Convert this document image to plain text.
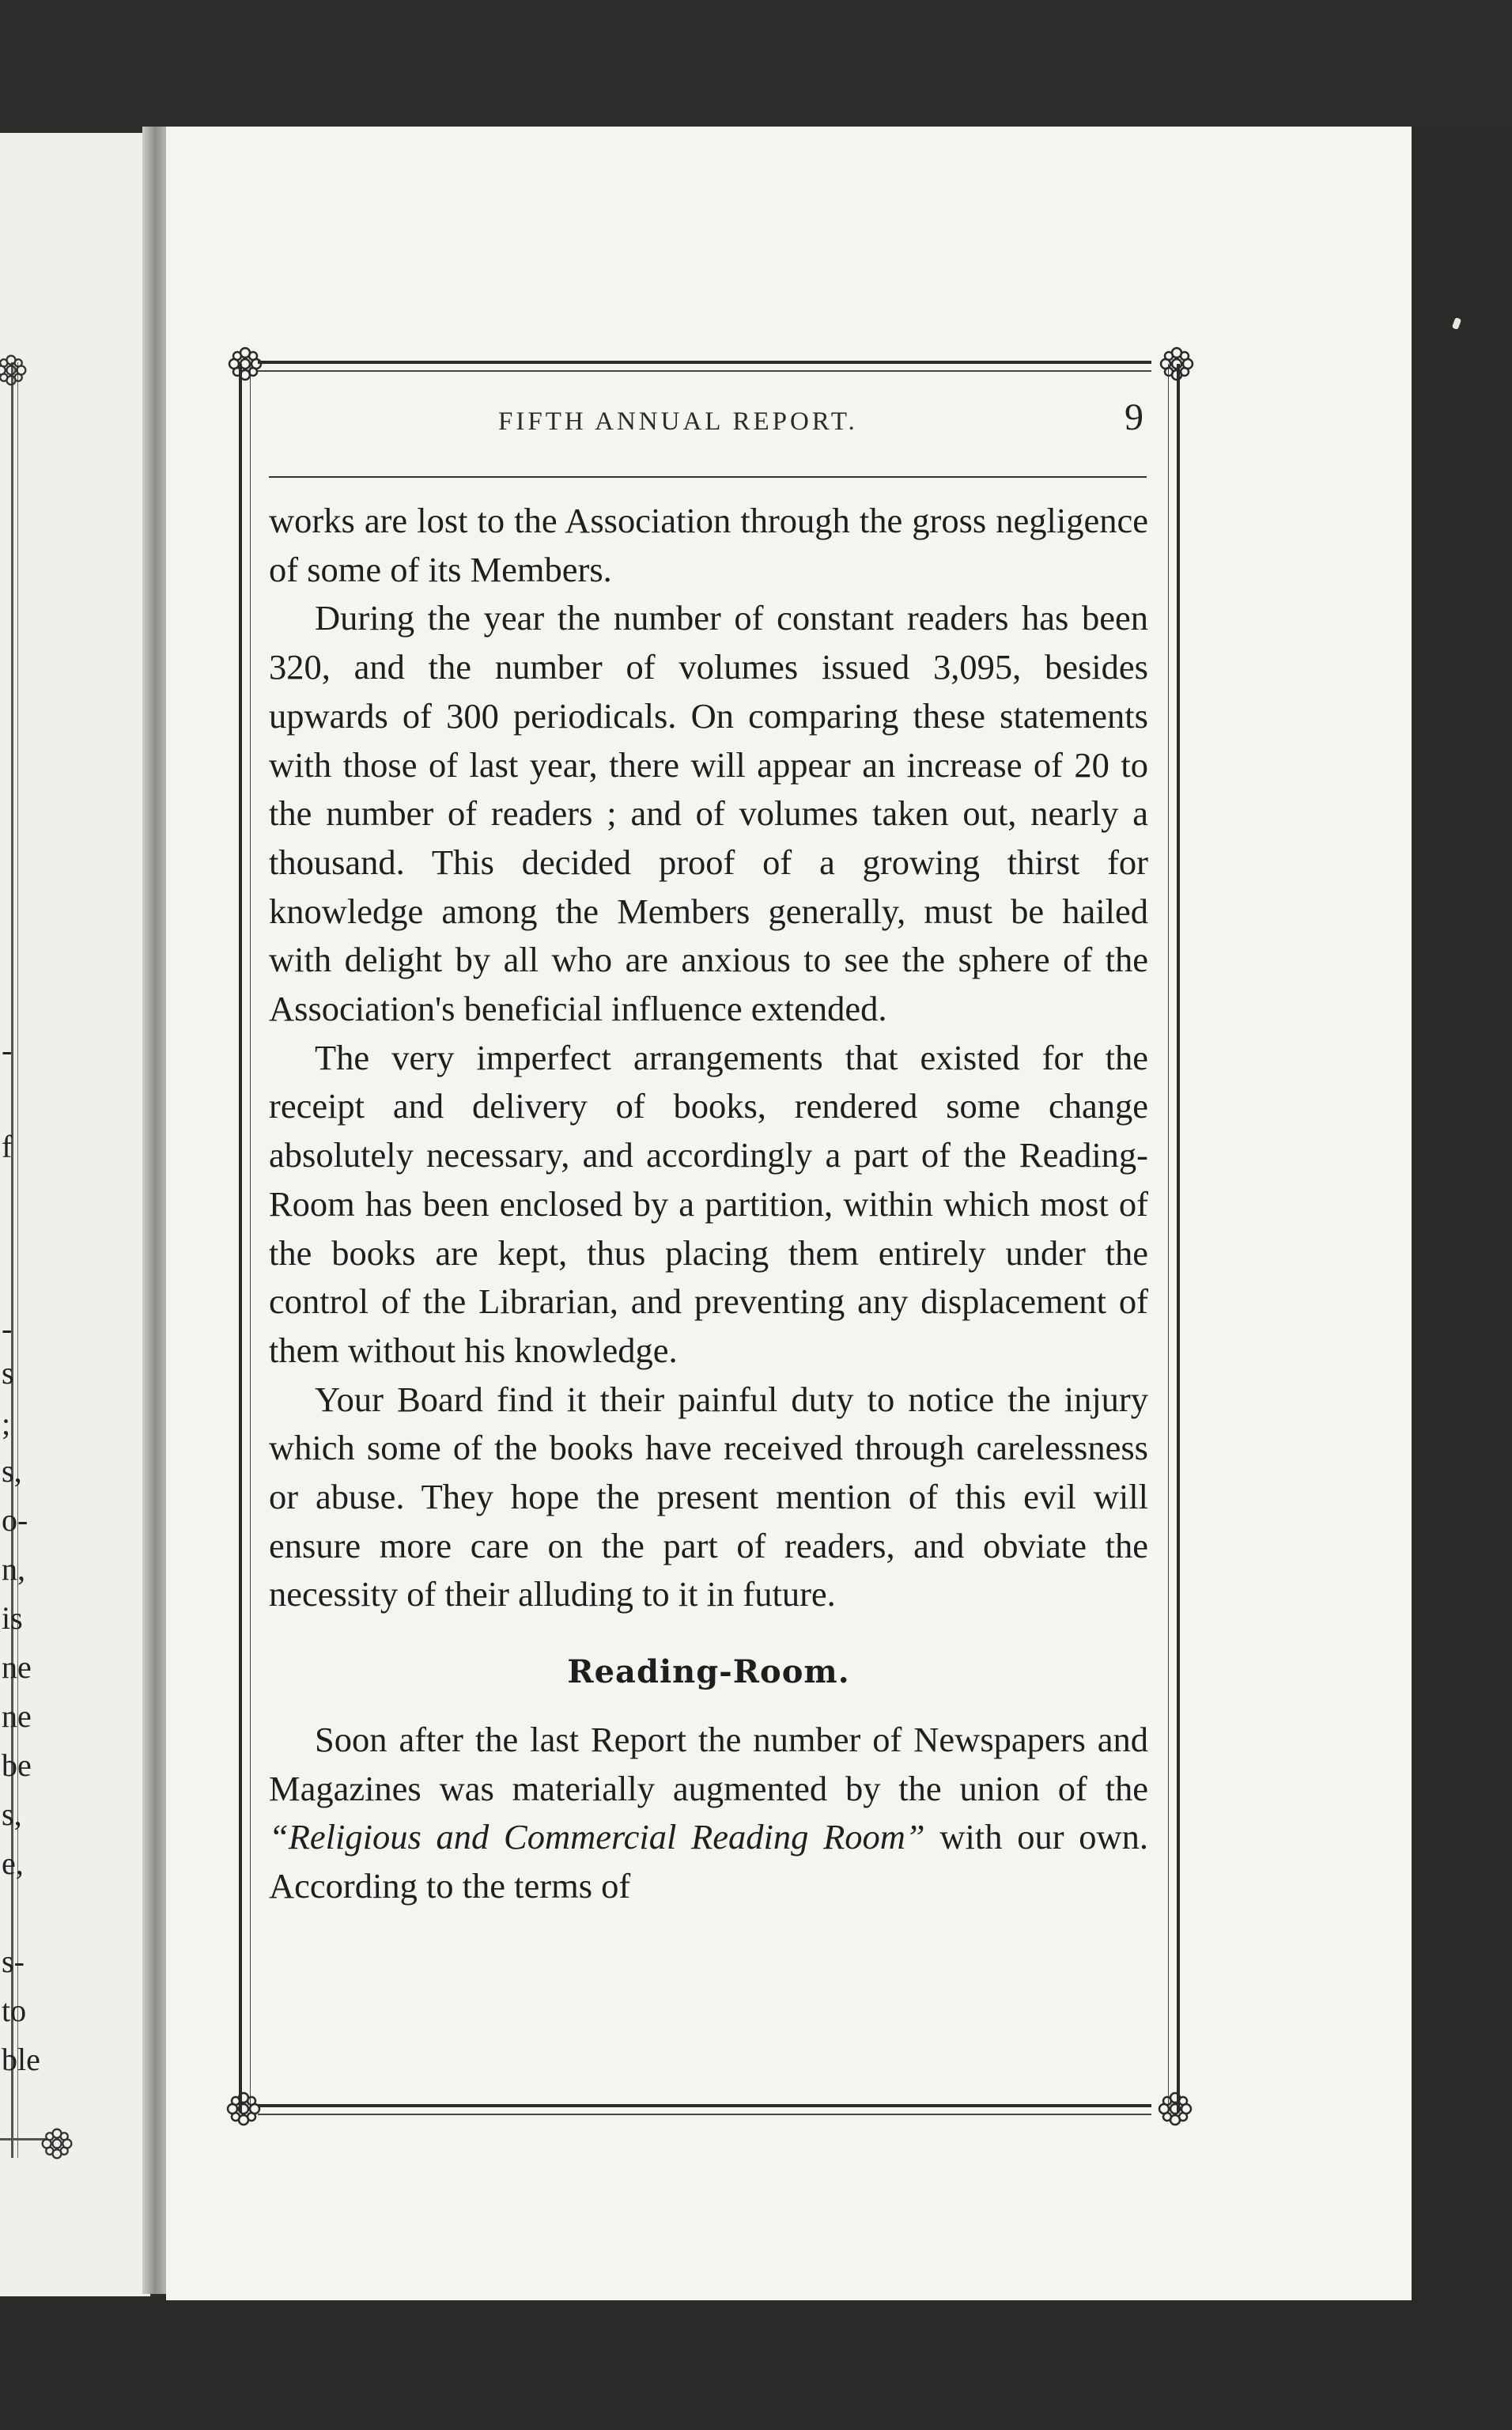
-
f
-
s
;
s,
o-
n,
is
ne
ne
be
s,
e,
s-
to
ble
FIFTH ANNUAL REPORT.	9

works are lost to the Association through the gross negligence of some of its Members.

During the year the number of constant readers has been 320, and the number of volumes issued 3,095, besides upwards of 300 periodicals. On comparing these statements with those of last year, there will appear an increase of 20 to the number of readers ; and of volumes taken out, nearly a thousand. This decided proof of a growing thirst for knowledge among the Members generally, must be hailed with delight by all who are anxious to see the sphere of the Association's beneficial influence extended.

The very imperfect arrangements that existed for the receipt and delivery of books, rendered some change absolutely necessary, and accordingly a part of the Reading-Room has been enclosed by a partition, within which most of the books are kept, thus placing them entirely under the control of the Librarian, and preventing any displacement of them without his knowledge.

Your Board find it their painful duty to notice the injury which some of the books have received through carelessness or abuse. They hope the present mention of this evil will ensure more care on the part of readers, and obviate the necessity of their alluding to it in future.

Reading-Room.

Soon after the last Report the number of Newspapers and Magazines was materially augmented by the union of the “Religious and Commercial Reading Room” with our own. According to the terms of
